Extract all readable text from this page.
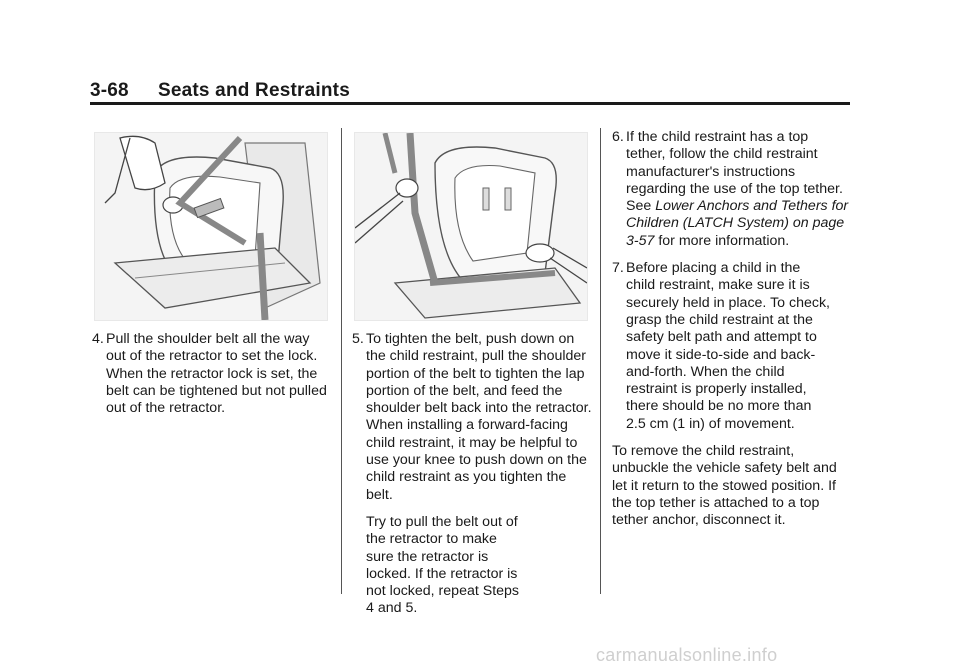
3-68 Seats and Restraints
4. Pull the shoulder belt all the way out of the retractor to set the lock. When the retractor lock is set, the belt can be tightened but not pulled out of the retractor.
5. To tighten the belt, push down on the child restraint, pull the shoulder portion of the belt to tighten the lap portion of the belt, and feed the shoulder belt back into the retractor. When installing a forward-facing child restraint, it may be helpful to use your knee to push down on the child restraint as you tighten the belt.

Try to pull the belt out of the retractor to make sure the retractor is locked. If the retractor is not locked, repeat Steps 4 and 5.

6. If the child restraint has a top tether, follow the child restraint manufacturer's instructions regarding the use of the top tether. See Lower Anchors and Tethers for Children (LATCH System) on page 3-57 for more information.
7. Before placing a child in the child restraint, make sure it is securely held in place. To check, grasp the child restraint at the safety belt path and attempt to move it side-to-side and back-and-forth. When the child restraint is properly installed, there should be no more than 2.5 cm (1 in) of movement.

To remove the child restraint, unbuckle the vehicle safety belt and let it return to the stowed position. If the top tether is attached to a top tether anchor, disconnect it.

carmanualsonline.info
